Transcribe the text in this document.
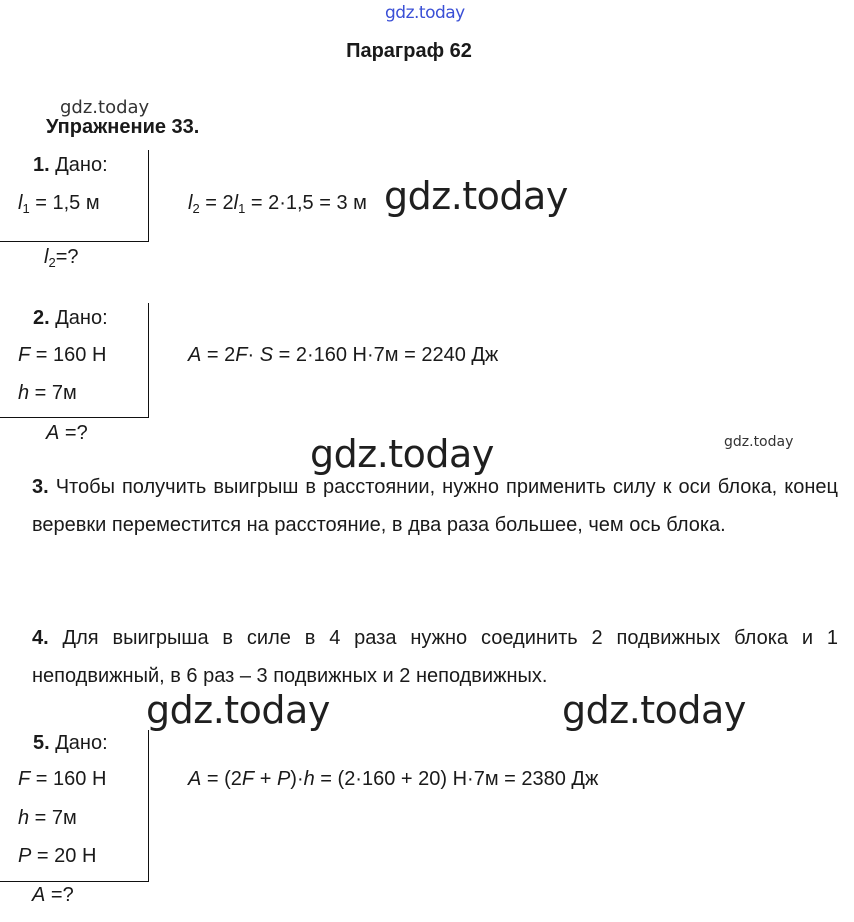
gdz.today
gdz.today
gdz.today
gdz.today	gdz.today
gdz.today	gdz.today
Параграф 62
Упражнение 33.
1. Дано:
$l_1 = 1,5$ м
$l_2=$?
$l_2 = 2l_1 = 2\cdot 1,5 = 3$ м
2. Дано:
F = 160 Н
h = 7м
A =?
A = 2F· S = 2·160 Н·7м = 2240 Дж
3. Чтобы получить выигрыш в расстоянии, нужно применить силу к оси блока, конец веревки переместится на расстояние, в два раза большее, чем ось блока.
4. Для выигрыша в силе в 4 раза нужно соединить 2 подвижных блока и 1 неподвижный, в 6 раз – 3 подвижных и 2 неподвижных.
5. Дано:
F = 160 Н
h = 7м
P = 20 Н
A =?
A = (2F + P)·h = (2·160 + 20) Н·7м = 2380 Дж
